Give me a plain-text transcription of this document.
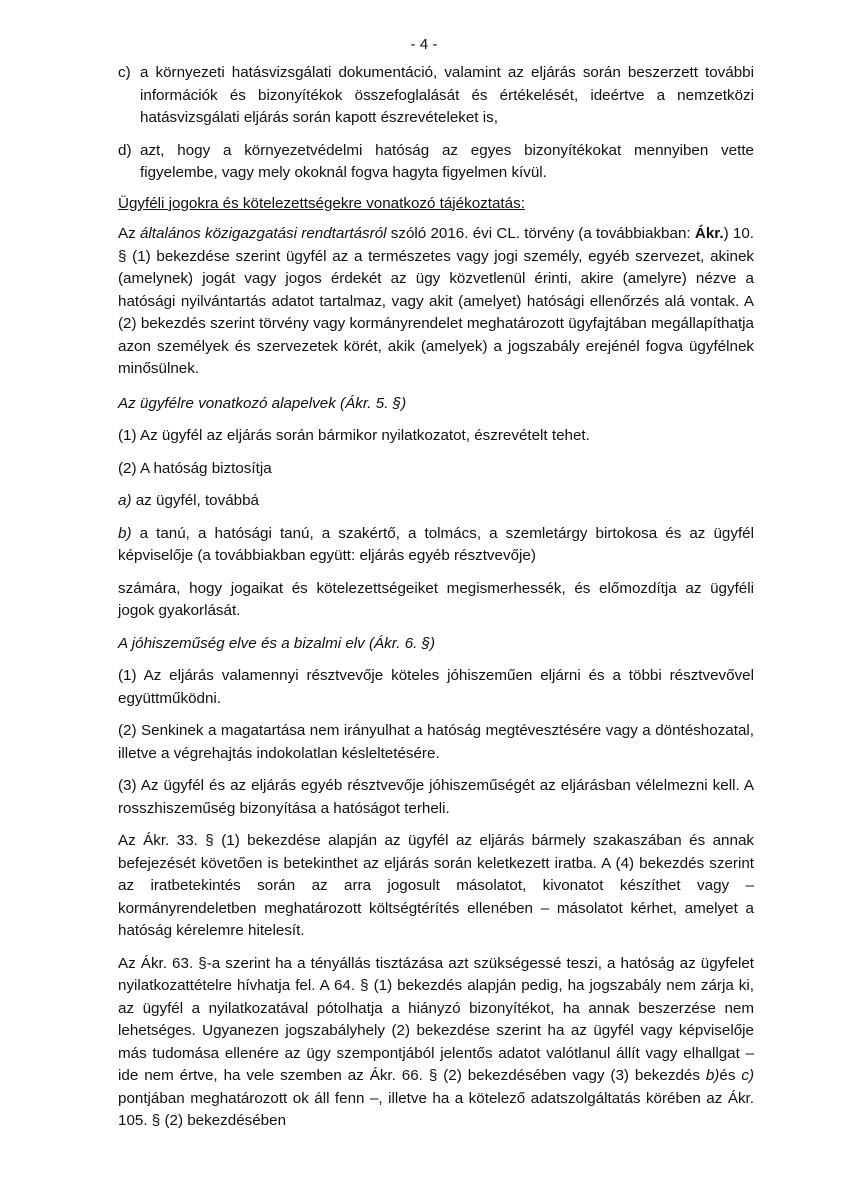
- 4 -

c) a környezeti hatásvizsgálati dokumentáció, valamint az eljárás során beszerzett további információk és bizonyítékok összefoglalását és értékelését, ideértve a nemzetközi hatásvizsgálati eljárás során kapott észrevételeket is,

d) azt, hogy a környezetvédelmi hatóság az egyes bizonyítékokat mennyiben vette figyelembe, vagy mely okoknál fogva hagyta figyelmen kívül.

Ügyféli jogokra és kötelezettségekre vonatkozó tájékoztatás:

Az általános közigazgatási rendtartásról szóló 2016. évi CL. törvény (a továbbiakban: Ákr.) 10. § (1) bekezdése szerint ügyfél az a természetes vagy jogi személy, egyéb szervezet, akinek (amelynek) jogát vagy jogos érdekét az ügy közvetlenül érinti, akire (amelyre) nézve a hatósági nyilvántartás adatot tartalmaz, vagy akit (amelyet) hatósági ellenőrzés alá vontak. A (2) bekezdés szerint törvény vagy kormányrendelet meghatározott ügyfajtában megállapíthatja azon személyek és szervezetek körét, akik (amelyek) a jogszabály erejénél fogva ügyfélnek minősülnek.

Az ügyfélre vonatkozó alapelvek (Ákr. 5. §)

(1) Az ügyfél az eljárás során bármikor nyilatkozatot, észrevételt tehet.

(2) A hatóság biztosítja

a) az ügyfél, továbbá

b) a tanú, a hatósági tanú, a szakértő, a tolmács, a szemletárgy birtokosa és az ügyfél képviselője (a továbbiakban együtt: eljárás egyéb résztvevője)

számára, hogy jogaikat és kötelezettségeiket megismerhessék, és előmozdítja az ügyféli jogok gyakorlását.

A jóhiszeműség elve és a bizalmi elv (Ákr. 6. §)

(1) Az eljárás valamennyi résztvevője köteles jóhiszeműen eljárni és a többi résztvevővel együttműködni.

(2) Senkinek a magatartása nem irányulhat a hatóság megtévesztésére vagy a döntéshozatal, illetve a végrehajtás indokolatlan késleltetésére.

(3) Az ügyfél és az eljárás egyéb résztvevője jóhiszeműségét az eljárásban vélelmezni kell. A rosszhiszeműség bizonyítása a hatóságot terheli.

Az Ákr. 33. § (1) bekezdése alapján az ügyfél az eljárás bármely szakaszában és annak befejezését követően is betekinthet az eljárás során keletkezett iratba. A (4) bekezdés szerint az iratbetekintés során az arra jogosult másolatot, kivonatot készíthet vagy – kormányrendeletben meghatározott költségtérítés ellenében – másolatot kérhet, amelyet a hatóság kérelemre hitelesít.

Az Ákr. 63. §-a szerint ha a tényállás tisztázása azt szükségessé teszi, a hatóság az ügyfelet nyilatkozattételre hívhatja fel. A 64. § (1) bekezdés alapján pedig, ha jogszabály nem zárja ki, az ügyfél a nyilatkozatával pótolhatja a hiányzó bizonyítékot, ha annak beszerzése nem lehetséges. Ugyanezen jogszabályhely (2) bekezdése szerint ha az ügyfél vagy képviselője más tudomása ellenére az ügy szempontjából jelentős adatot valótlanul állít vagy elhallgat – ide nem értve, ha vele szemben az Ákr. 66. § (2) bekezdésében vagy (3) bekezdés b)és c) pontjában meghatározott ok áll fenn –, illetve ha a kötelező adatszolgáltatás körében az Ákr. 105. § (2) bekezdésében
